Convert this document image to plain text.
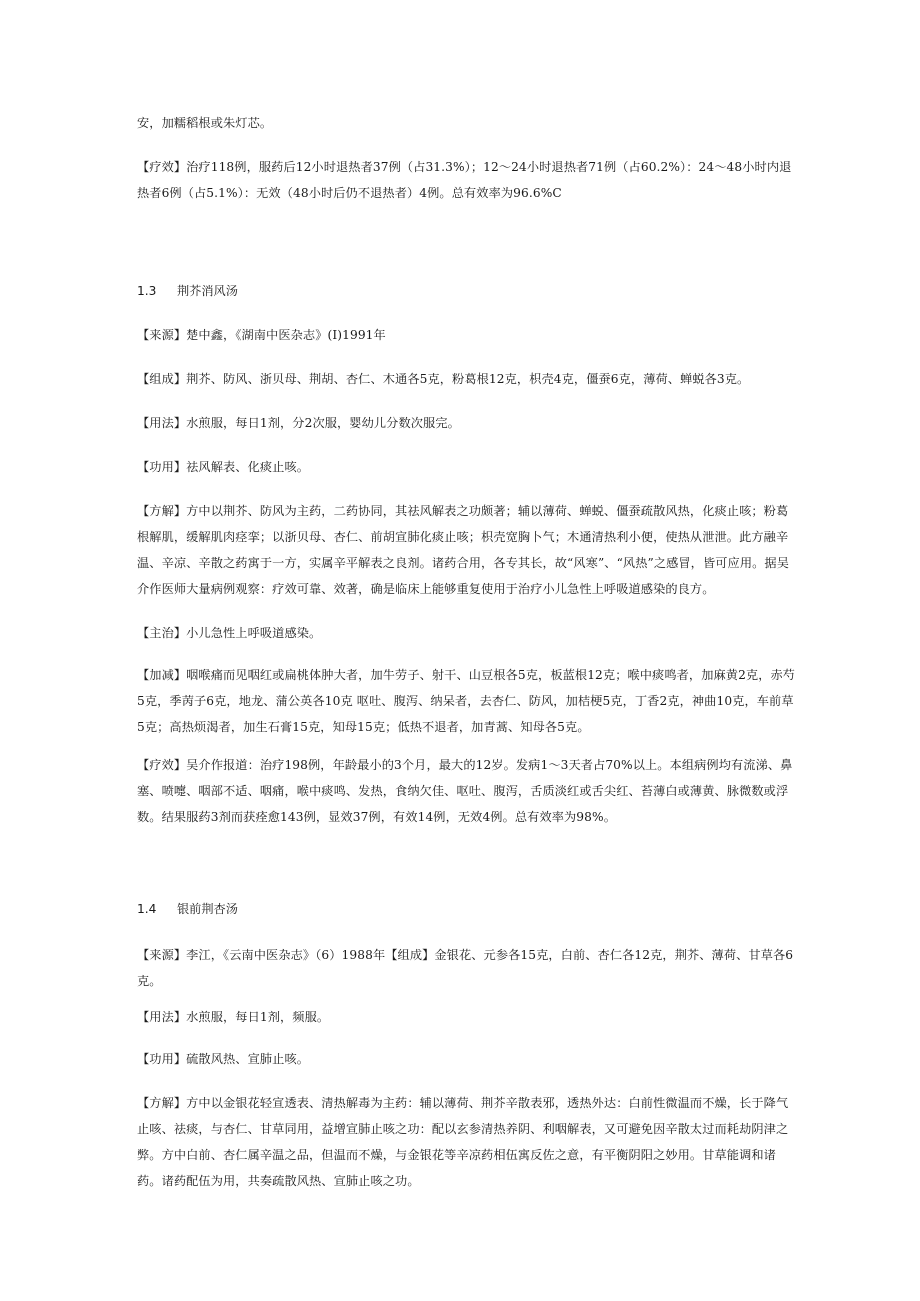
安，加糯稻根或朱灯芯。

【疗效】治疗118例，服药后12小时退热者37例（占31.3%）；12～24小时退热者71例（占60.2%）：24～48小时内退热者6例（占5.1%）：无效（48小时后仍不退热者）4例。总有效率为96.6%C

1.3 荆芥消风汤

【来源】楚中鑫，《湖南中医杂志》(I)1991年

【组成】荆芥、防风、浙贝母、荆胡、杏仁、木通各5克，粉葛根12克，枳壳4克，僵蚕6克，薄荷、蝉蜕各3克。

【用法】水煎服，每日1剂，分2次服，婴幼儿分数次服完。

【功用】祛风解表、化痰止咳。

【方解】方中以荆芥、防风为主药，二药协同，其祛风解表之功颇著；辅以薄荷、蝉蜕、僵蚕疏散风热，化痰止咳；粉葛根解肌，缓解肌肉痉挛；以浙贝母、杏仁、前胡宣肺化痰止咳；枳壳宽胸卜气；木通清热利小便，使热从泄泄。此方融辛温、辛凉、辛散之药寓于一方，实属辛平解表之良剂。诸药合用，各专其长，故“风寒”、“风热”之感冒，皆可应用。据吴介作医师大量病例观察：疗效可靠、效著，确是临床上能够重复使用于治疗小儿急性上呼吸道感染的良方。

【主治】小儿急性上呼吸道感染。

【加减】咽喉痛而见咽红或扁桃体肿大者，加牛劳子、射干、山豆根各5克，板蓝根12克；喉中痰鸣者，加麻黄2克，赤芍5克，季苪子6克，地龙、蒲公英各10克 呕吐、腹泻、纳呆者，去杏仁、防风，加桔梗5克，丁香2克，神曲10克，车前草5克；高热烦渴者，加生石膏15克，知母15克；低热不退者，加青蒿、知母各5克。

【疗效】吴介作报道：治疗198例，年龄最小的3个月，最大的12岁。发病1～3天者占70%以上。本组病例均有流涕、鼻塞、喷嚏、咽部不适、咽痛，喉中痰鸣、发热，食纳欠佳、呕吐、腹泻，舌质淡红或舌尖红、苔薄白或薄黄、脉微数或浮数。结果服药3剂而获痊愈143例，显效37例，有效14例，无效4例。总有效率为98%。

1.4 银前荆杏汤

【来源】李江，《云南中医杂志》（6）1988年【组成】金银花、元参各15克，白前、杏仁各12克，荆芥、薄荷、甘草各6克。

【用法】水煎服，每日1剂，频服。

【功用】硫散风热、宣肺止咳。

【方解】方中以金银花轻宣透表、清热解毒为主药：辅以薄荷、荆芥辛散表邪，透热外达：白前性微温而不燥，长于降气止咳、祛痰，与杏仁、甘草同用，益增宣肺止咳之功：配以玄参清热养阴、利咽解表，又可避免因辛散太过而耗劫阴津之弊。方中白前、杏仁属辛温之品，但温而不燥，与金银花等辛凉药相伍寓反佐之意，有平衡阴阳之妙用。甘草能调和诸药。诸药配伍为用，共奏疏散风热、宣肺止咳之功。
